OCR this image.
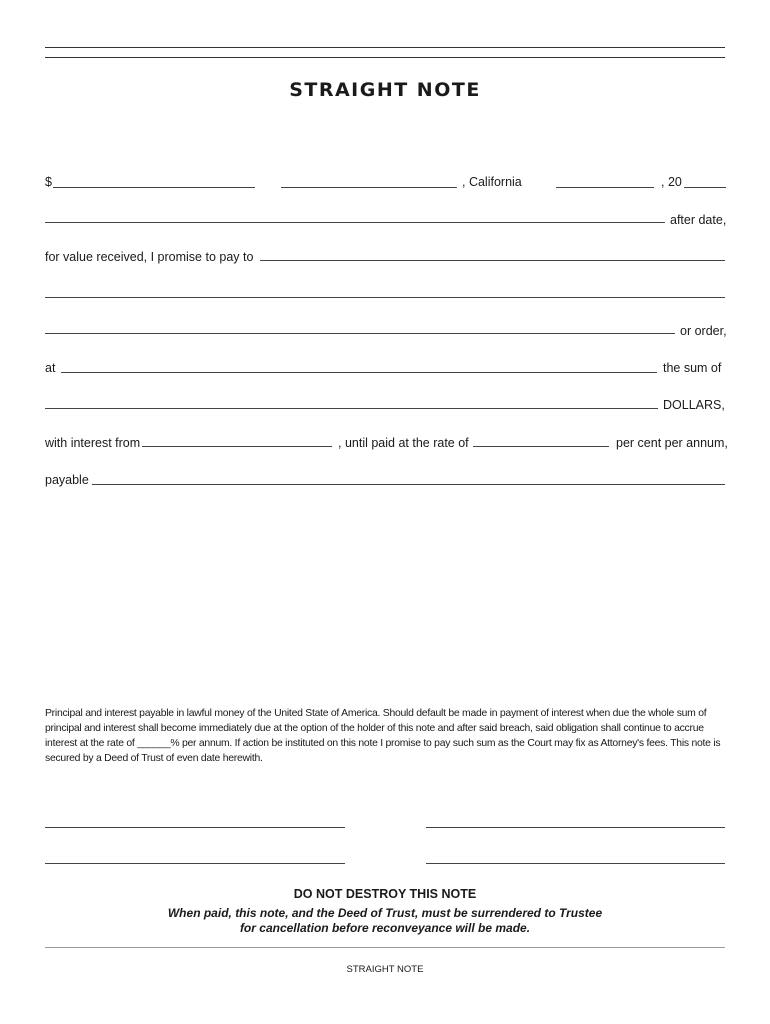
STRAIGHT NOTE
$	, California	, 20
after date,
for value received, I promise to pay to
or order,
at	the sum of
DOLLARS,
with interest from	, until paid at the rate of	per cent per annum,
payable
Principal and interest payable in lawful money of the United State of America. Should default be made in payment of interest when due the whole sum of principal and interest shall become immediately due at the option of the holder of this note and after said breach, said obligation shall continue to accrue interest at the rate of ______% per annum. If action be instituted on this note I promise to pay such sum as the Court may fix as Attorney's fees. This note is secured by a Deed of Trust of even date herewith.
DO NOT DESTROY THIS NOTE
When paid, this note, and the Deed of Trust, must be surrendered to Trustee for cancellation before reconveyance will be made.
STRAIGHT NOTE
